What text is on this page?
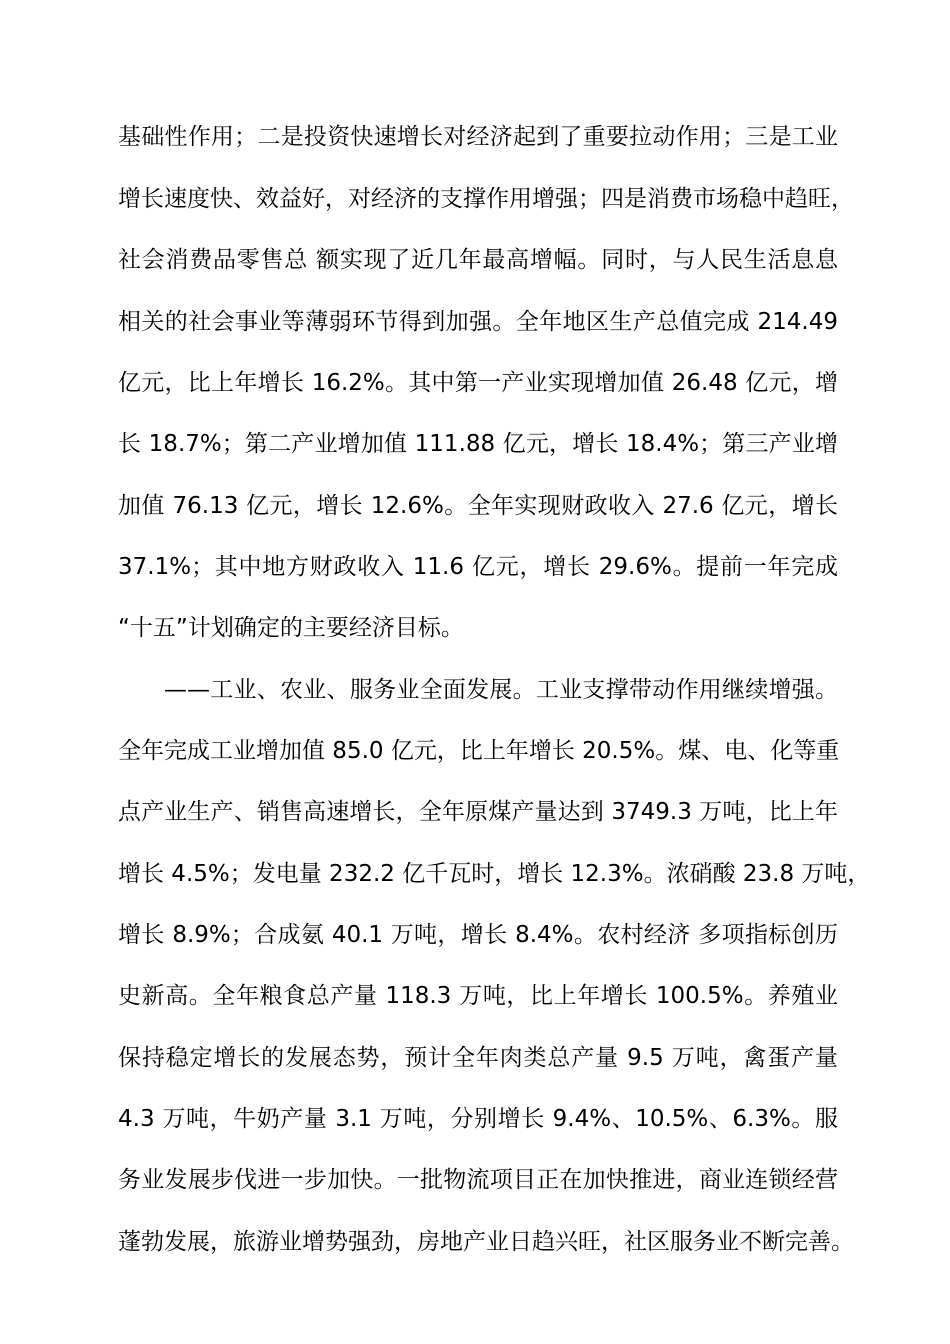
基础性作用；二是投资快速增长对经济起到了重要拉动作用；三是工业
增长速度快、效益好，对经济的支撑作用增强；四是消费市场稳中趋旺，
社会消费品零售总 额实现了近几年最高增幅。同时，与人民生活息息
相关的社会事业等薄弱环节得到加强。全年地区生产总值完成 214.49
亿元，比上年增长 16.2%。其中第一产业实现增加值 26.48 亿元，增
长 18.7%；第二产业增加值 111.88 亿元，增长 18.4%；第三产业增
加值 76.13 亿元，增长 12.6%。全年实现财政收入 27.6 亿元，增长
37.1%；其中地方财政收入 11.6 亿元，增长 29.6%。提前一年完成
“十五”计划确定的主要经济目标。
——工业、农业、服务业全面发展。工业支撑带动作用继续增强。
全年完成工业增加值 85.0 亿元，比上年增长 20.5%。煤、电、化等重
点产业生产、销售高速增长，全年原煤产量达到 3749.3 万吨，比上年
增长 4.5%；发电量 232.2 亿千瓦时，增长 12.3%。浓硝酸 23.8 万吨，
增长 8.9%；合成氨 40.1 万吨，增长 8.4%。农村经济 多项指标创历
史新高。全年粮食总产量 118.3 万吨，比上年增长 100.5%。养殖业
保持稳定增长的发展态势，预计全年肉类总产量 9.5 万吨，禽蛋产量
4.3 万吨，牛奶产量 3.1 万吨，分别增长 9.4%、10.5%、6.3%。服
务业发展步伐进一步加快。一批物流项目正在加快推进，商业连锁经营
蓬勃发展，旅游业增势强劲，房地产业日趋兴旺，社区服务业不断完善。
